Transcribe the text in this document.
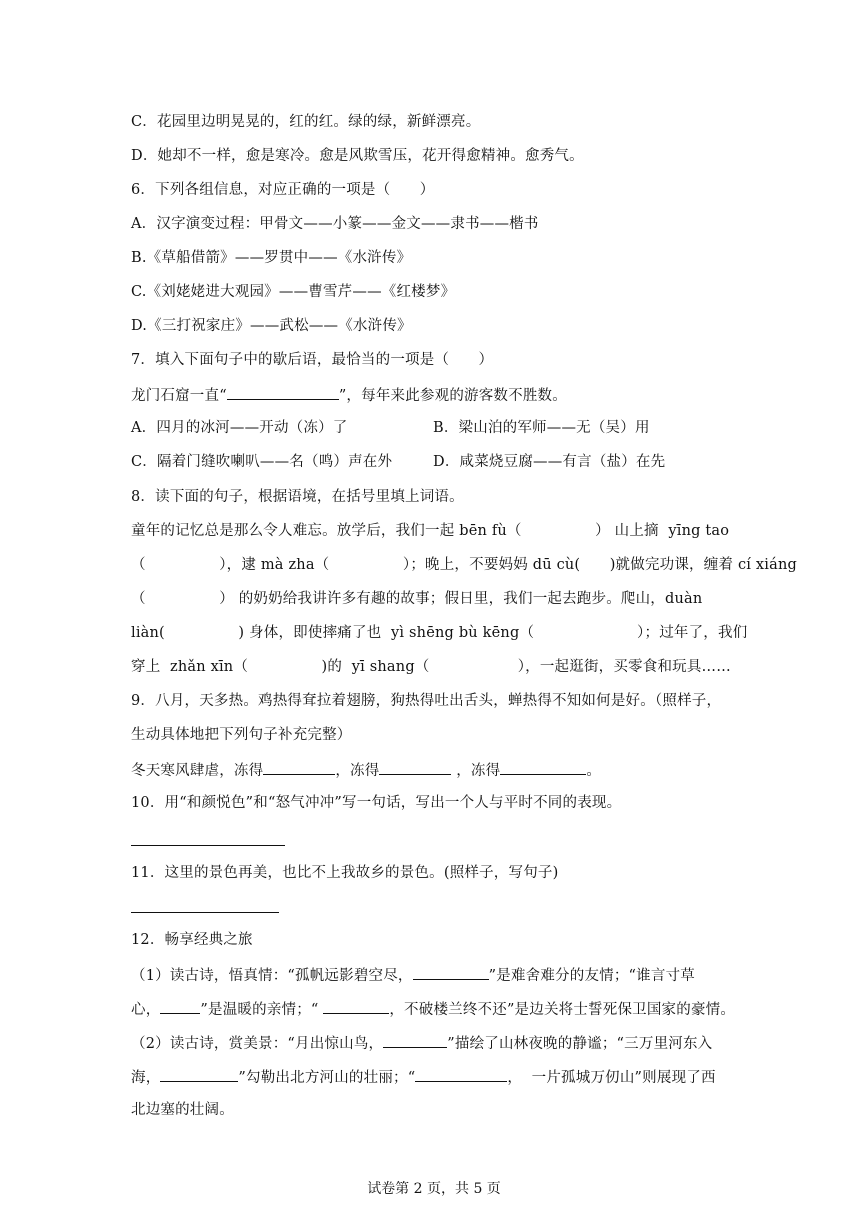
C．花园里边明晃晃的，红的红。绿的绿，新鲜漂亮。
D．她却不一样，愈是寒冷。愈是风欺雪压，花开得愈精神。愈秀气。
6．下列各组信息，对应正确的一项是（　　）
A．汉字演变过程：甲骨文——小篆——金文——隶书——楷书
B.《草船借箭》——罗贯中——《水浒传》
C.《刘姥姥进大观园》——曹雪芹——《红楼梦》
D.《三打祝家庄》——武松——《水浒传》
7．填入下面句子中的歇后语，最恰当的一项是（　　）
龙门石窟一直“	”，每年来此参观的游客数不胜数。
A．四月的冰河——开动（冻）了	B．梁山泊的军师——无（吴）用
C．隔着门缝吹喇叭——名（鸣）声在外	D．咸菜烧豆腐——有言（盐）在先
8．读下面的句子，根据语境，在括号里填上词语。
童年的记忆总是那么令人难忘。放学后，我们一起 bēn fù（　　　　　） 山上摘  yīng tao
（　　　　　），逮 mà zha（　　　　　）；晚上，不要妈妈 dū cù(　　)就做完功课，缠着 cí xiáng
（　　　　　） 的奶奶给我讲许多有趣的故事；假日里，我们一起去跑步。爬山，duàn
liàn(　　　　　) 身体，即使摔痛了也  yì shēng bù kēng（　　　　　　　）；过年了，我们
穿上  zhǎn xīn（　　　　　)的  yī shang（　　　　　　），一起逛街，买零食和玩具……
9．八月，天多热。鸡热得耷拉着翅膀，狗热得吐出舌头，蝉热得不知如何是好。（照样子，
生动具体地把下列句子补充完整）
冬天寒风肆虐，冻得	，冻得	，冻得	。
10．用“和颜悦色”和“怒气冲冲”写一句话，写出一个人与平时不同的表现。
11．这里的景色再美，也比不上我故乡的景色。(照样子，写句子)
12．畅享经典之旅
（1）读古诗，悟真情：“孤帆远影碧空尽，	”是难舍难分的友情；“谁言寸草
心，	”是温暖的亲情；“	，不破楼兰终不还”是边关将士誓死保卫国家的豪情。
（2）读古诗，赏美景：“月出惊山鸟，	”描绘了山林夜晚的静谧；“三万里河东入
海，	”勾勒出北方河山的壮丽；“	，  一片孤城万仞山”则展现了西
北边塞的壮阔。
试卷第 2 页，共 5 页
